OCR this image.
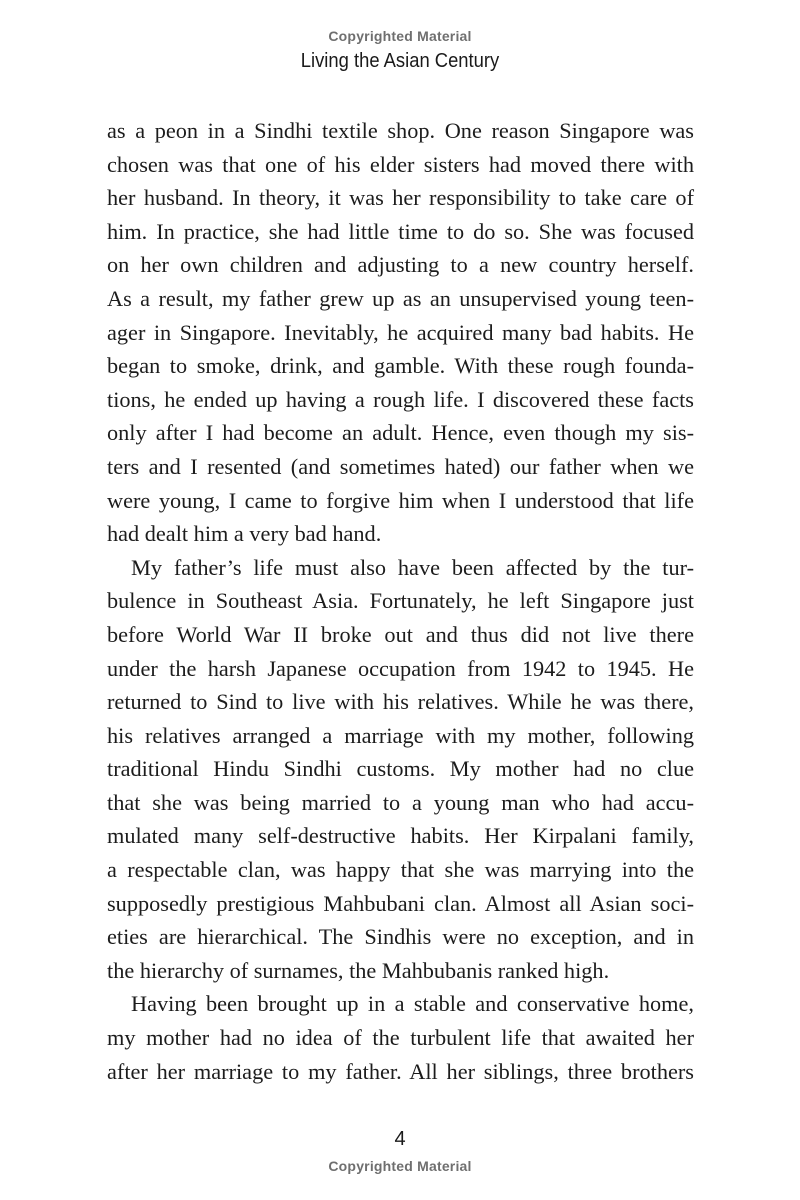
Copyrighted Material
Living the Asian Century
as a peon in a Sindhi textile shop. One reason Singapore was
chosen was that one of his elder sisters had moved there with
her husband. In theory, it was her responsibility to take care of
him. In practice, she had little time to do so. She was focused
on her own children and adjusting to a new country herself.
As a result, my father grew up as an unsupervised young teen-
ager in Singapore. Inevitably, he acquired many bad habits. He
began to smoke, drink, and gamble. With these rough founda-
tions, he ended up having a rough life. I discovered these facts
only after I had become an adult. Hence, even though my sis-
ters and I resented (and sometimes hated) our father when we
were young, I came to forgive him when I understood that life
had dealt him a very bad hand.
My father’s life must also have been affected by the tur-
bulence in Southeast Asia. Fortunately, he left Singapore just
before World War II broke out and thus did not live there
under the harsh Japanese occupation from 1942 to 1945. He
returned to Sind to live with his relatives. While he was there,
his relatives arranged a marriage with my mother, following
traditional Hindu Sindhi customs. My mother had no clue
that she was being married to a young man who had accu-
mulated many self-destructive habits. Her Kirpalani family,
a respectable clan, was happy that she was marrying into the
supposedly prestigious Mahbubani clan. Almost all Asian soci-
eties are hierarchical. The Sindhis were no exception, and in
the hierarchy of surnames, the Mahbubanis ranked high.
Having been brought up in a stable and conservative home,
my mother had no idea of the turbulent life that awaited her
after her marriage to my father. All her siblings, three brothers
4
Copyrighted Material
